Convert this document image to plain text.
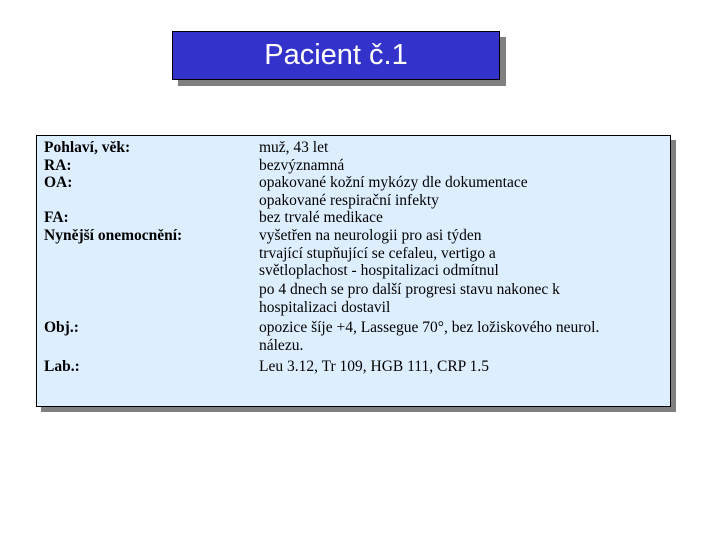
Pacient č.1
Pohlaví, věk:	muž, 43 let
RA:	bezvýznamná
OA:	opakované kožní mykózy dle dokumentace
opakované respirační infekty
FA:	bez trvalé medikace
Nynější onemocnění:	vyšetřen na neurologii pro asi týden
trvající stupňující se cefaleu, vertigo a
světloplachost - hospitalizaci odmítnul
po 4 dnech se pro další progresi stavu nakonec k
hospitalizaci dostavil
Obj.:	opozice šíje +4, Lassegue 70°, bez ložiskového neurol.
nálezu.
Lab.:	Leu 3.12, Tr 109, HGB 111, CRP 1.5
